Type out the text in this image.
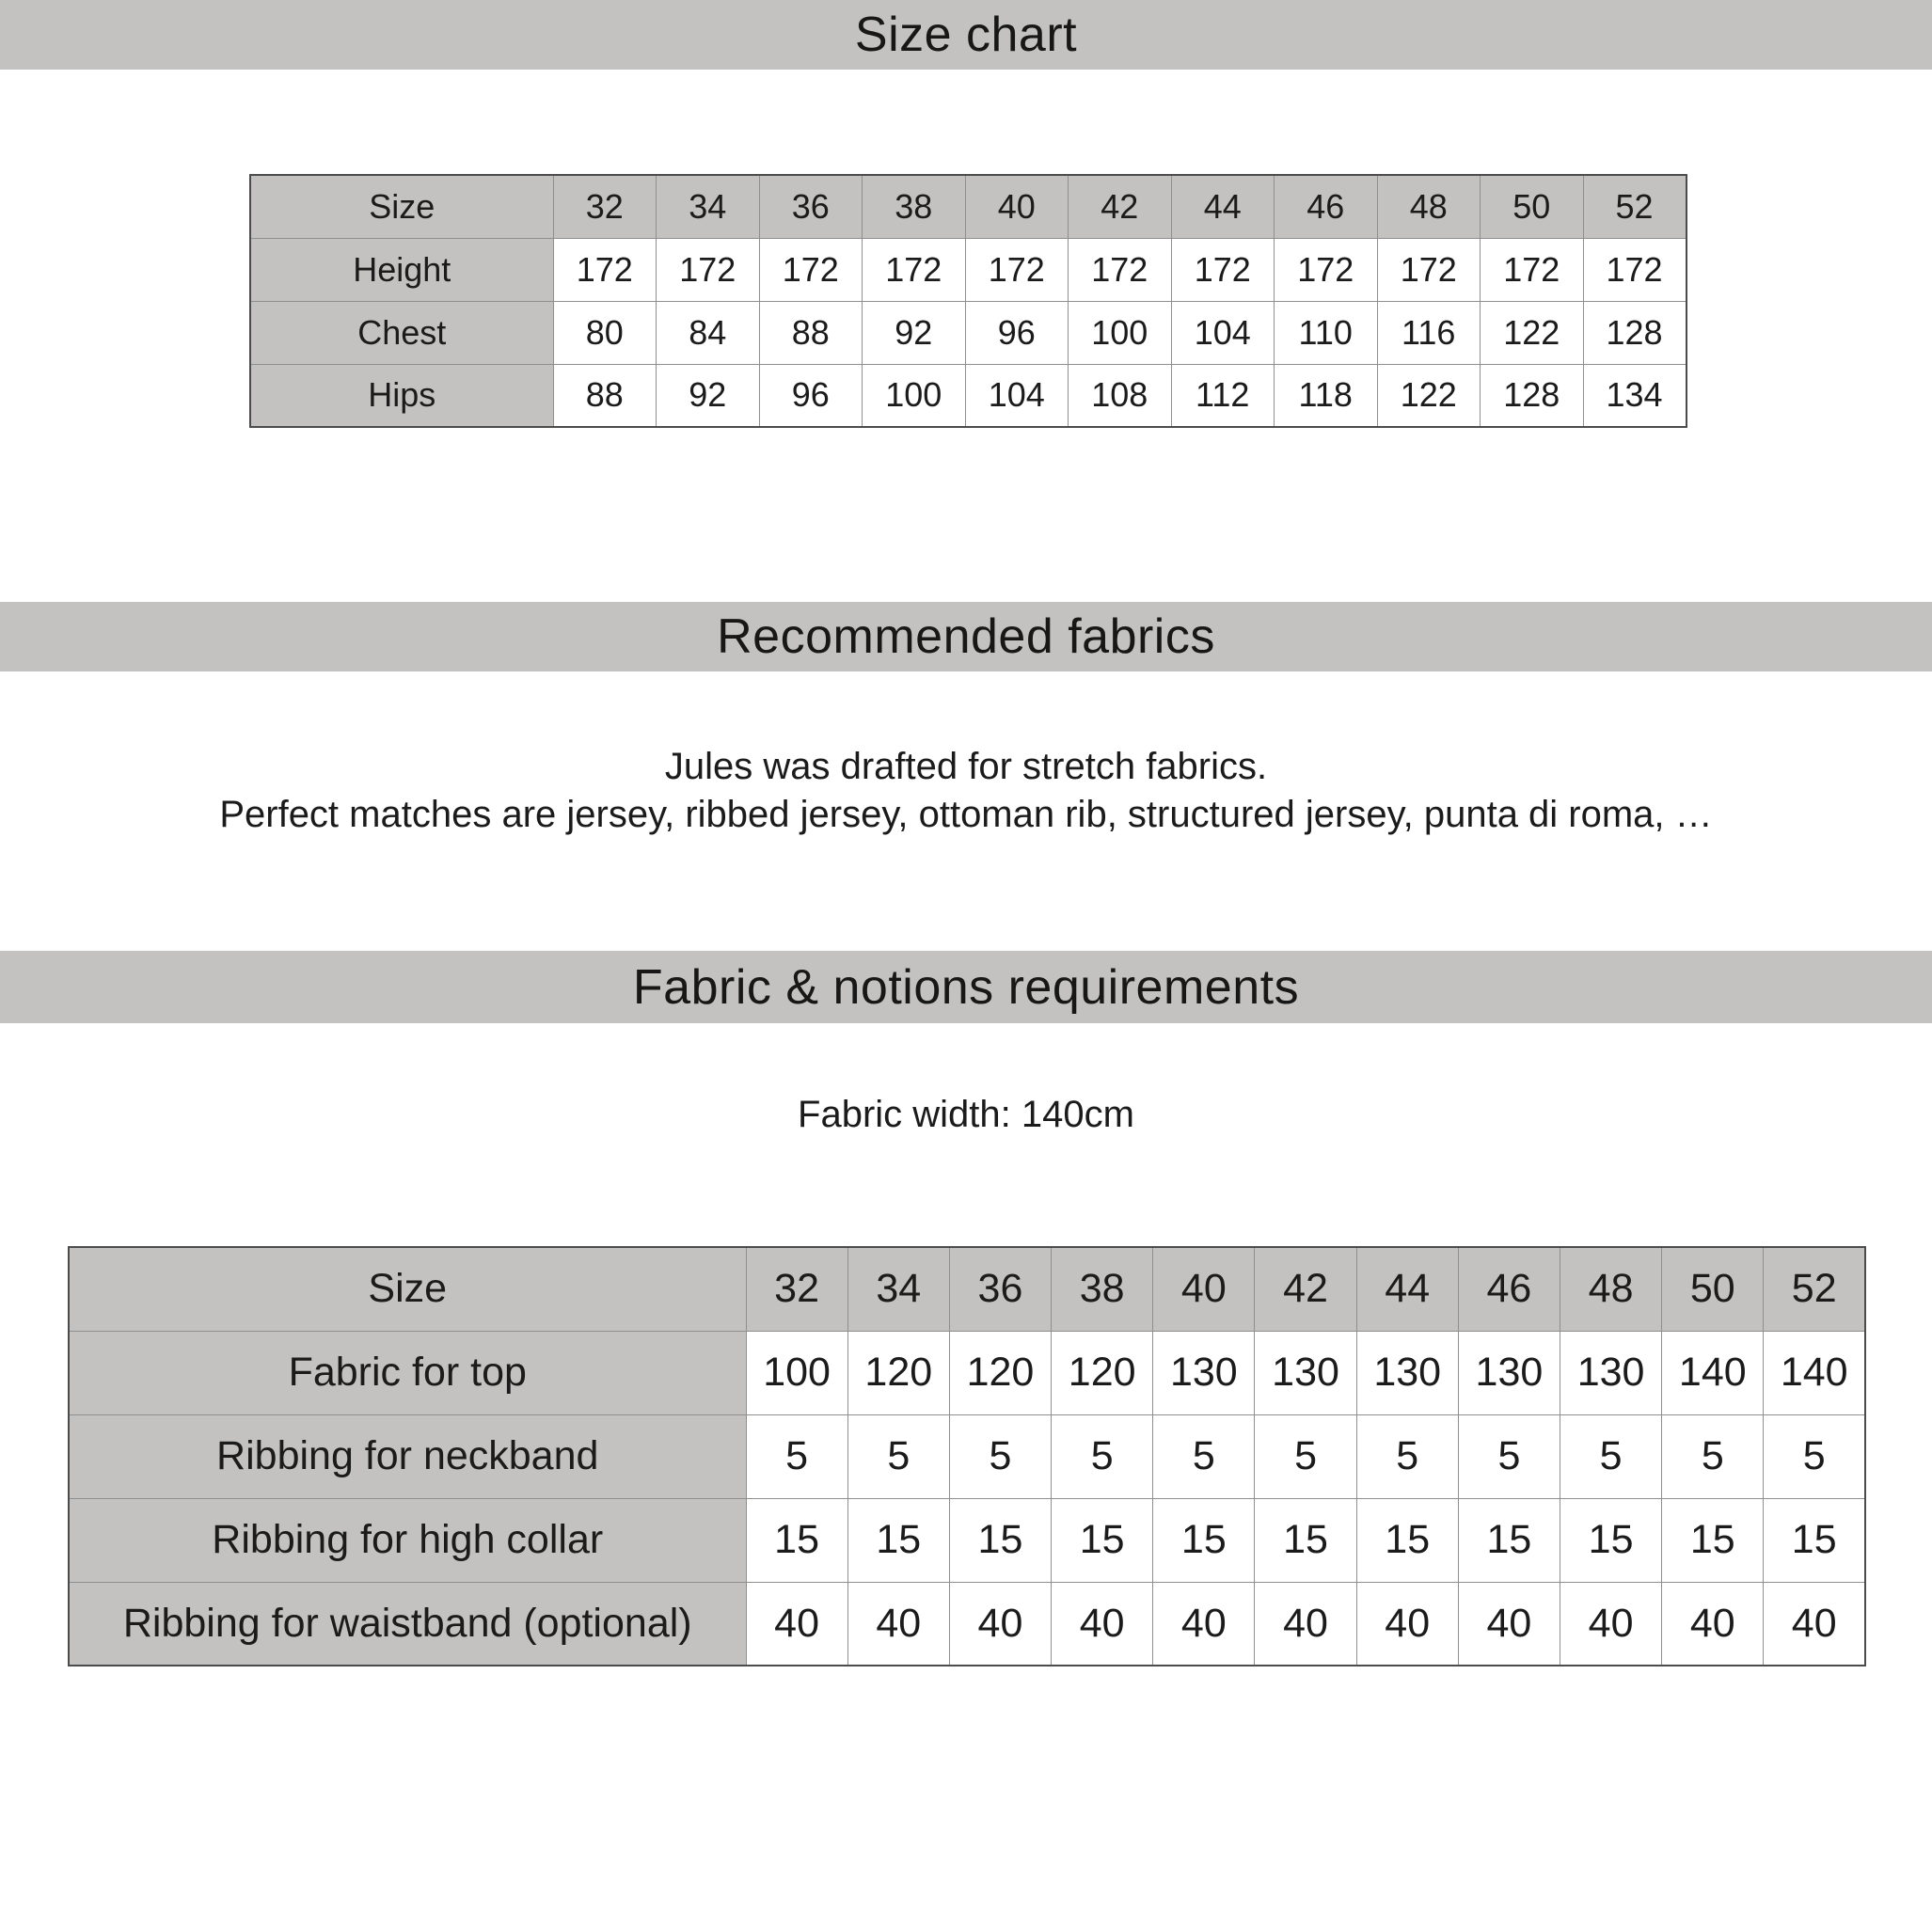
Size chart
Size	32	34	36	38	40	42	44	46	48	50	52
Height	172	172	172	172	172	172	172	172	172	172	172
Chest	80	84	88	92	96	100	104	110	116	122	128
Hips	88	92	96	100	104	108	112	118	122	128	134
Recommended fabrics
Jules was drafted for stretch fabrics.
Perfect matches are jersey, ribbed jersey, ottoman rib, structured jersey, punta di roma, …
Fabric & notions requirements
Fabric width: 140cm
Size	32	34	36	38	40	42	44	46	48	50	52
Fabric for top	100	120	120	120	130	130	130	130	130	140	140
Ribbing for neckband	5	5	5	5	5	5	5	5	5	5	5
Ribbing for high collar	15	15	15	15	15	15	15	15	15	15	15
Ribbing for waistband (optional)	40	40	40	40	40	40	40	40	40	40	40
